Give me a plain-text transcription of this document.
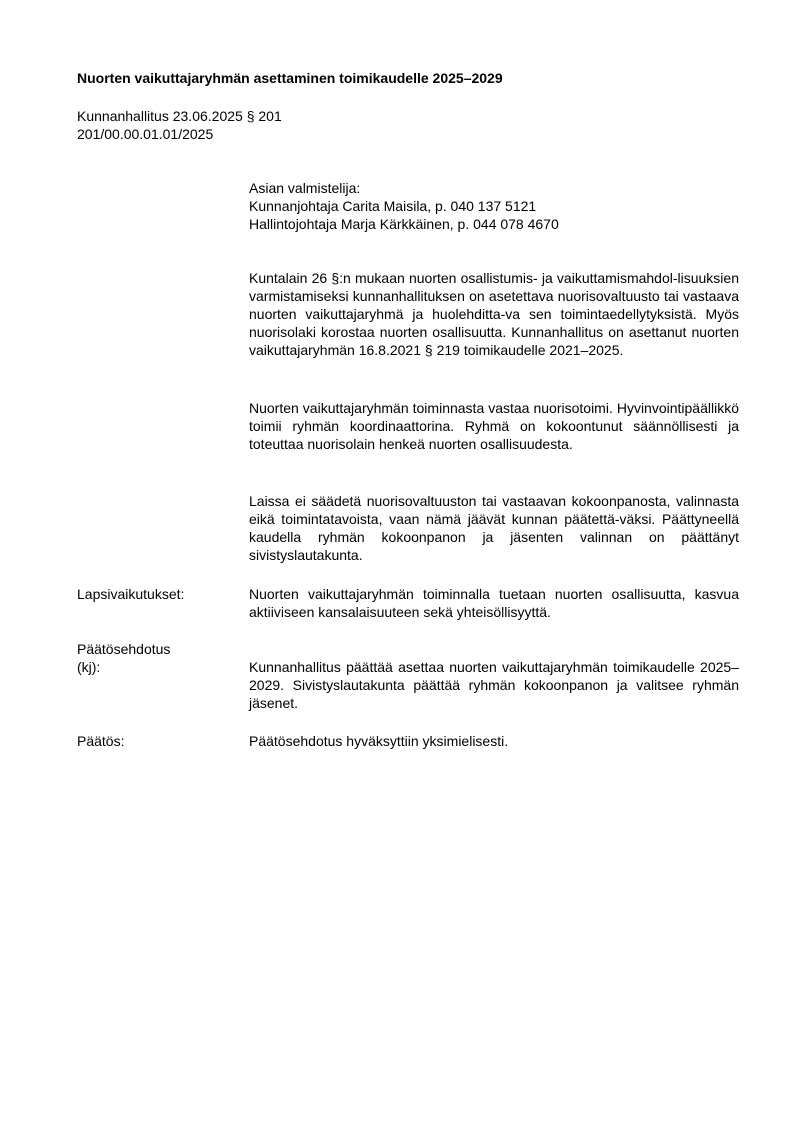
Nuorten vaikuttajaryhmän asettaminen toimikaudelle 2025–2029
Kunnanhallitus 23.06.2025 § 201
201/00.00.01.01/2025
Asian valmistelija:
Kunnanjohtaja Carita Maisila, p. 040 137 5121
Hallintojohtaja Marja Kärkkäinen, p. 044 078 4670

Kuntalain 26 §:n mukaan nuorten osallistumis- ja vaikuttamismahdol-lisuuksien varmistamiseksi kunnanhallituksen on asetettava nuorisovaltuusto tai vastaava nuorten vaikuttajaryhmä ja huolehditta-va sen toimintaedellytyksistä. Myös nuorisolaki korostaa nuorten osallisuutta. Kunnanhallitus on asettanut nuorten vaikuttajaryhmän 16.8.2021 § 219 toimikaudelle 2021–2025.

Nuorten vaikuttajaryhmän toiminnasta vastaa nuorisotoimi. Hyvinvointipäällikkö toimii ryhmän koordinaattorina. Ryhmä on kokoontunut säännöllisesti ja toteuttaa nuorisolain henkeä nuorten osallisuudesta.

Laissa ei säädetä nuorisovaltuuston tai vastaavan kokoonpanosta, valinnasta eikä toimintatavoista, vaan nämä jäävät kunnan päätettä-väksi. Päättyneellä kaudella ryhmän kokoonpanon ja jäsenten valinnan on päättänyt sivistyslautakunta.

Lapsivaikutukset:	Nuorten vaikuttajaryhmän toiminnalla tuetaan nuorten osallisuutta, kasvua aktiiviseen kansalaisuuteen sekä yhteisöllisyyttä.

Päätösehdotus
(kj):	Kunnanhallitus päättää asettaa nuorten vaikuttajaryhmän toimikaudelle 2025–2029. Sivistyslautakunta päättää ryhmän kokoonpanon ja valitsee ryhmän jäsenet.

Päätös:	Päätösehdotus hyväksyttiin yksimielisesti.
